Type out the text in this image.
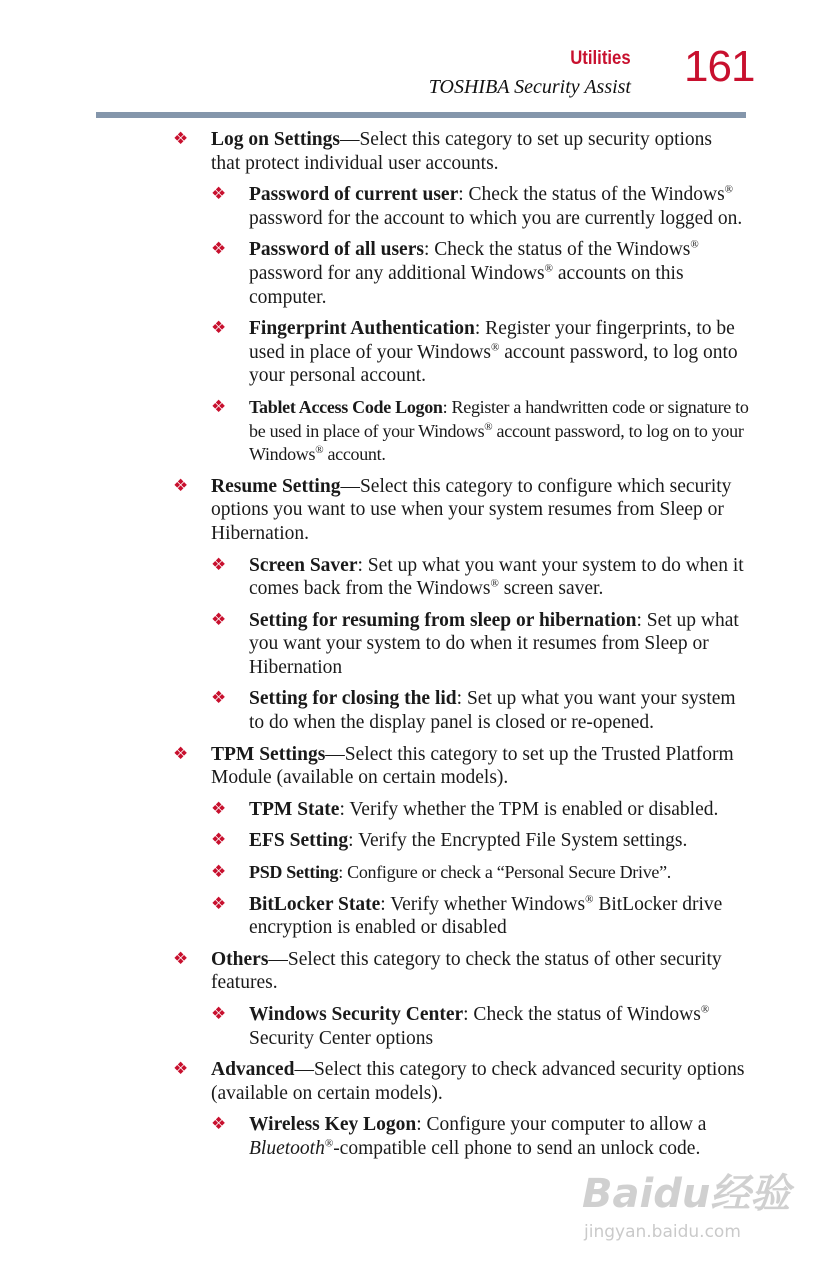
Utilities
TOSHIBA Security Assist 161
❖ Log on Settings—Select this category to set up security options that protect individual user accounts.
❖ Password of current user: Check the status of the Windows® password for the account to which you are currently logged on.
❖ Password of all users: Check the status of the Windows® password for any additional Windows® accounts on this computer.
❖ Fingerprint Authentication: Register your fingerprints, to be used in place of your Windows® account password, to log onto your personal account.
❖ Tablet Access Code Logon: Register a handwritten code or signature to be used in place of your Windows® account password, to log on to your Windows® account.
❖ Resume Setting—Select this category to configure which security options you want to use when your system resumes from Sleep or Hibernation.
❖ Screen Saver: Set up what you want your system to do when it comes back from the Windows® screen saver.
❖ Setting for resuming from sleep or hibernation: Set up what you want your system to do when it resumes from Sleep or Hibernation
❖ Setting for closing the lid: Set up what you want your system to do when the display panel is closed or re-opened.
❖ TPM Settings—Select this category to set up the Trusted Platform Module (available on certain models).
❖ TPM State: Verify whether the TPM is enabled or disabled.
❖ EFS Setting: Verify the Encrypted File System settings.
❖ PSD Setting: Configure or check a “Personal Secure Drive”.
❖ BitLocker State: Verify whether Windows® BitLocker drive encryption is enabled or disabled
❖ Others—Select this category to check the status of other security features.
❖ Windows Security Center: Check the status of Windows® Security Center options
❖ Advanced—Select this category to check advanced security options (available on certain models).
❖ Wireless Key Logon: Configure your computer to allow a Bluetooth®-compatible cell phone to send an unlock code.
Baidu经验
jingyan.baidu.com
